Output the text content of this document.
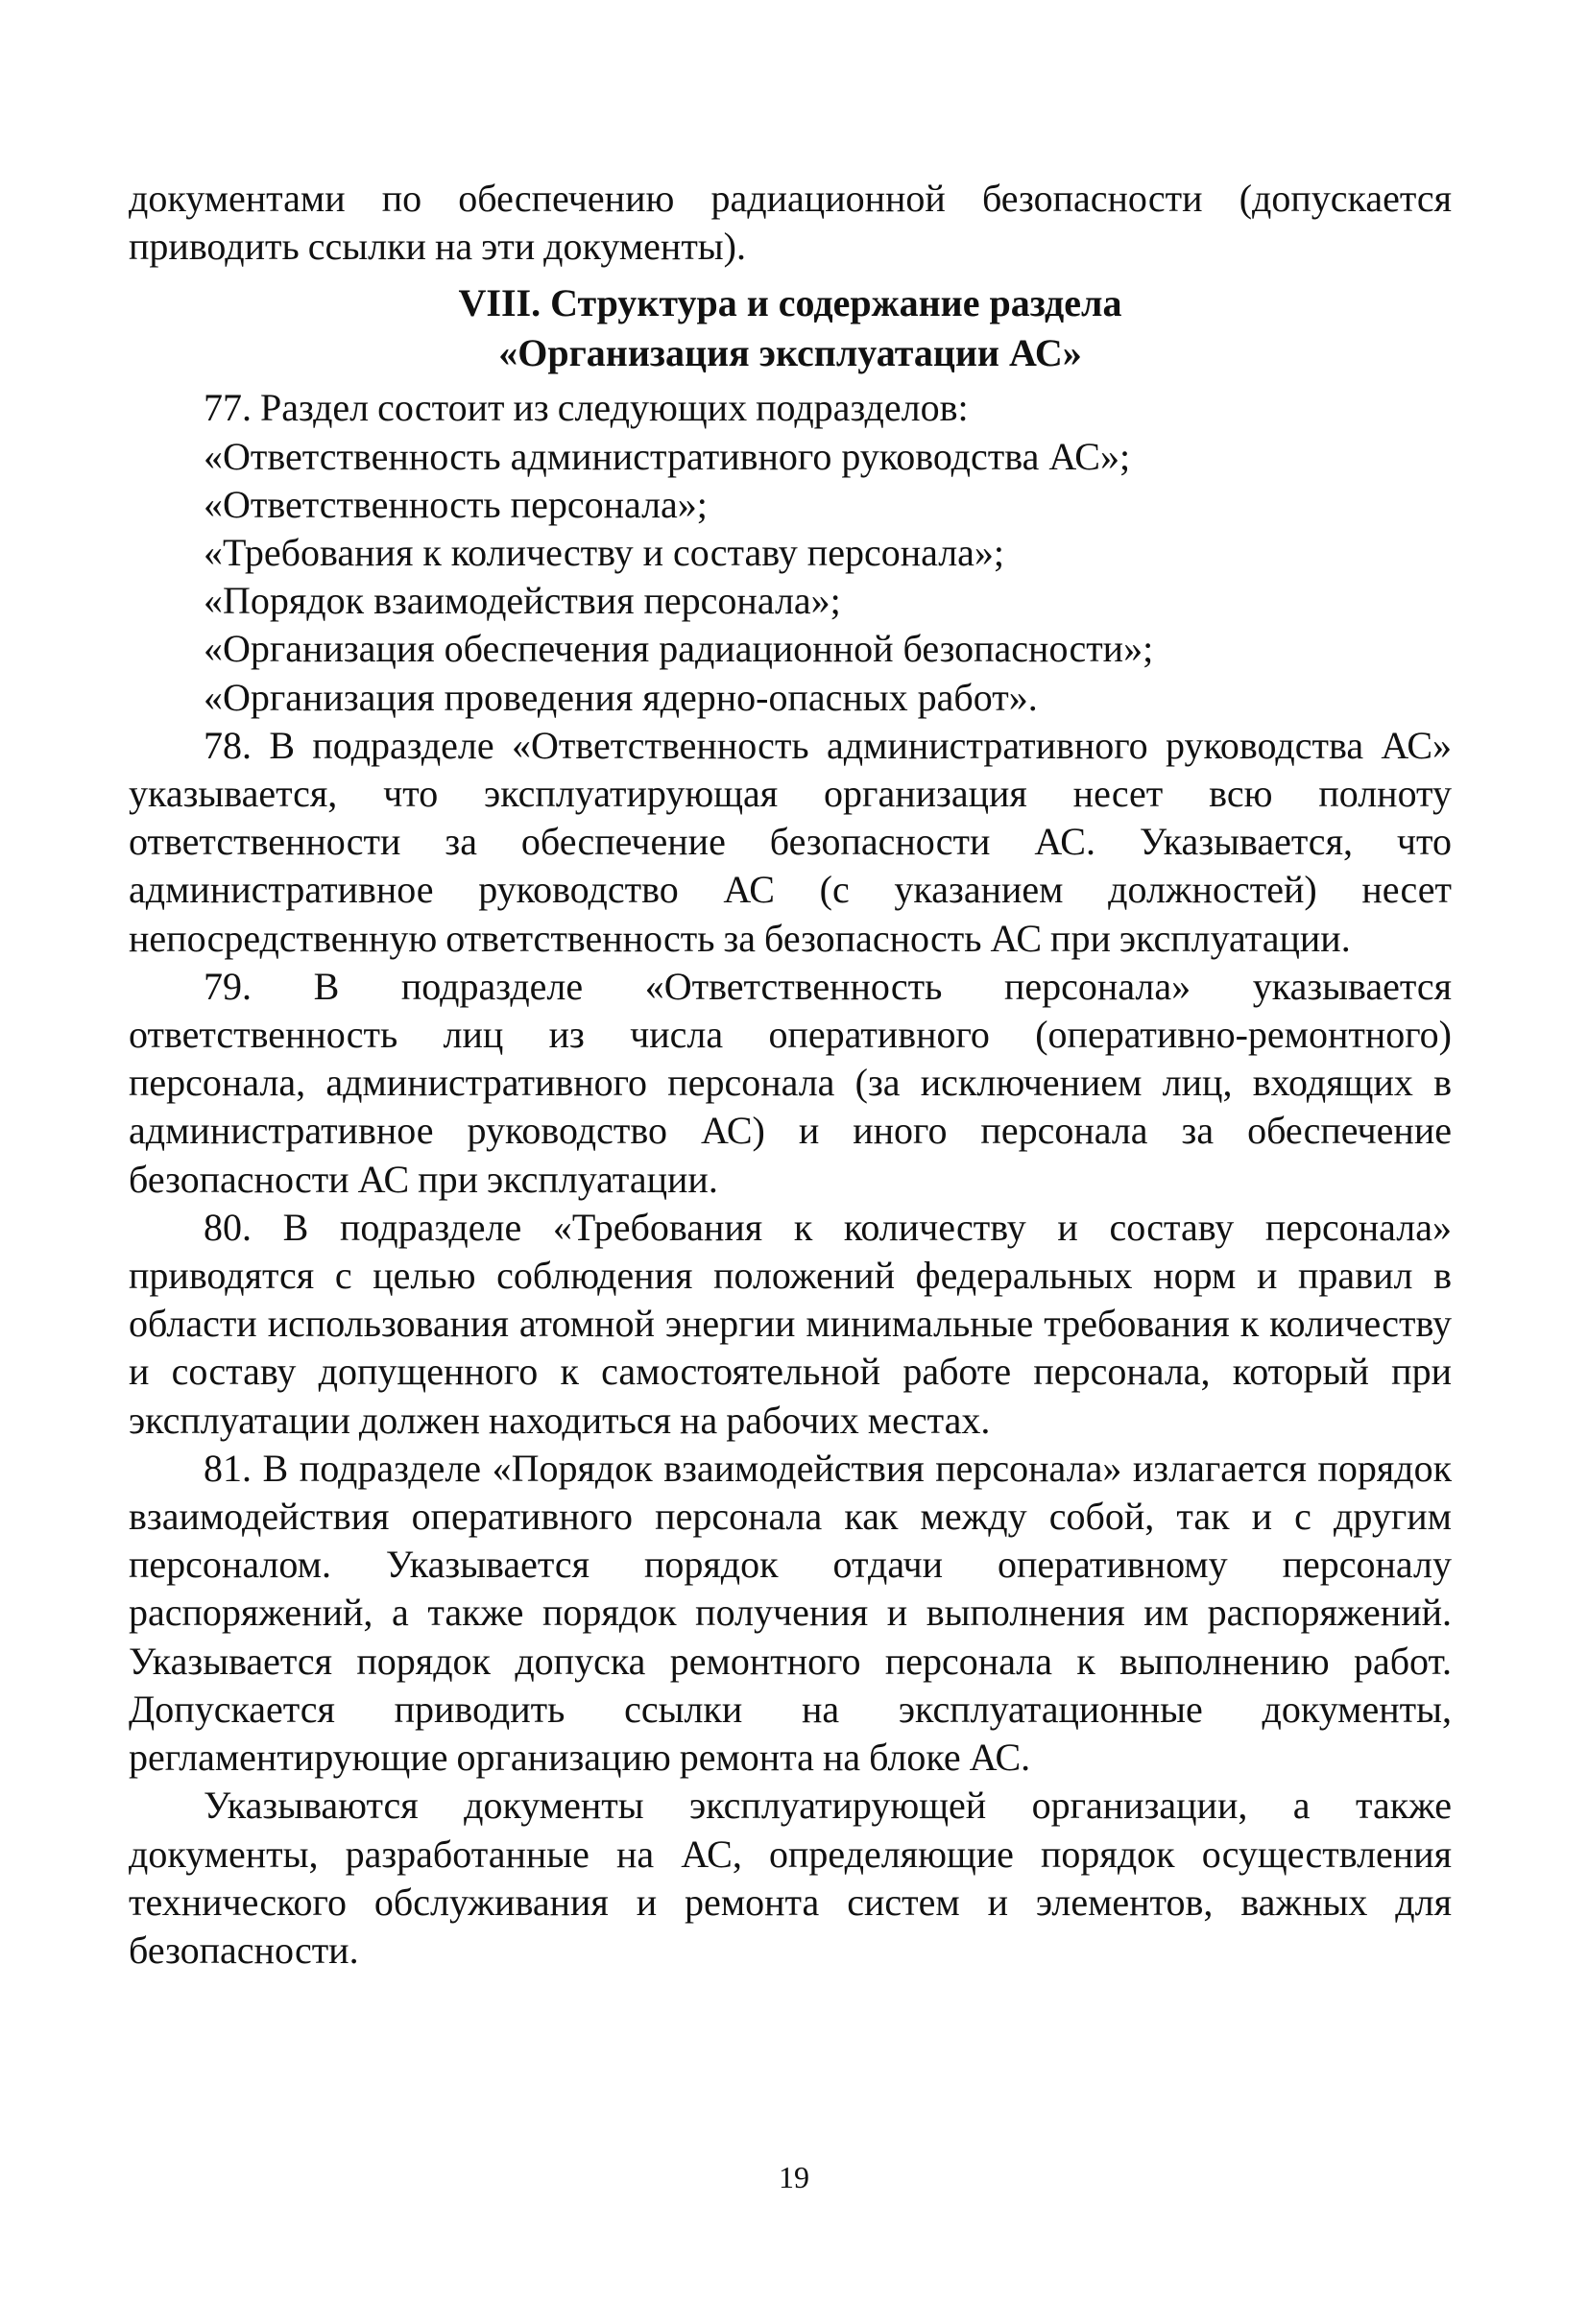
документами по обеспечению радиационной безопасности (допускается приводить ссылки на эти документы).

VIII. Структура и содержание раздела
«Организация эксплуатации АС»

77. Раздел состоит из следующих подразделов:

«Ответственность административного руководства АС»;

«Ответственность персонала»;

«Требования к количеству и составу персонала»;

«Порядок взаимодействия персонала»;

«Организация обеспечения радиационной безопасности»;

«Организация проведения ядерно-опасных работ».

78. В подразделе «Ответственность административного руководства АС» указывается, что эксплуатирующая организация несет всю полноту ответственности за обеспечение безопасности АС. Указывается, что административное руководство АС (с указанием должностей) несет непосредственную ответственность за безопасность АС при эксплуатации.

79. В подразделе «Ответственность персонала» указывается ответственность лиц из числа оперативного (оперативно-ремонтного) персонала, административного персонала (за исключением лиц, входящих в административное руководство АС) и иного персонала за обеспечение безопасности АС при эксплуатации.

80. В подразделе «Требования к количеству и составу персонала» приводятся с целью соблюдения положений федеральных норм и правил в области использования атомной энергии минимальные требования к количеству и составу допущенного к самостоятельной работе персонала, который при эксплуатации должен находиться на рабочих местах.

81. В подразделе «Порядок взаимодействия персонала» излагается порядок взаимодействия оперативного персонала как между собой, так и с другим персоналом. Указывается порядок отдачи оперативному персоналу распоряжений, а также порядок получения и выполнения им распоряжений. Указывается порядок допуска ремонтного персонала к выполнению работ. Допускается приводить ссылки на эксплуатационные документы, регламентирующие организацию ремонта на блоке АС.

Указываются документы эксплуатирующей организации, а также документы, разработанные на АС, определяющие порядок осуществления технического обслуживания и ремонта систем и элементов, важных для безопасности.

19
